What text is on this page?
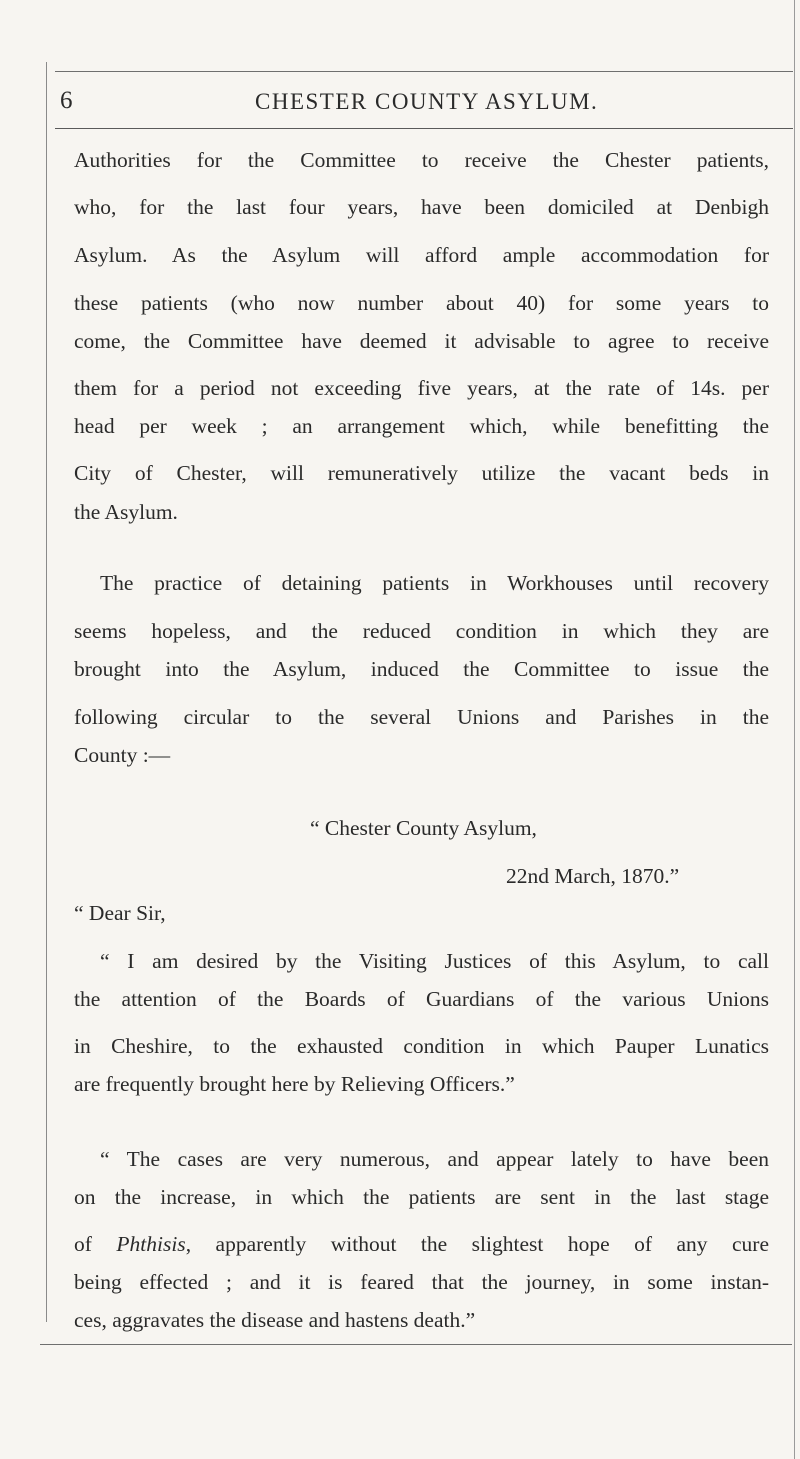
6	CHESTER COUNTY ASYLUM.
Authorities for the Committee to receive the Chester patients,
who, for the last four years, have been domiciled at Denbigh
Asylum. As the Asylum will afford ample accommodation for
these patients (who now number about 40) for some years to
come, the Committee have deemed it advisable to agree to receive
them for a period not exceeding five years, at the rate of 14s. per
head per week ; an arrangement which, while benefitting the
City of Chester, will remuneratively utilize the vacant beds in
the Asylum.
The practice of detaining patients in Workhouses until recovery
seems hopeless, and the reduced condition in which they are
brought into the Asylum, induced the Committee to issue the
following circular to the several Unions and Parishes in the
County :—
“ Chester County Asylum,
22nd March, 1870.”
“ Dear Sir,
“ I am desired by the Visiting Justices of this Asylum, to call
the attention of the Boards of Guardians of the various Unions
in Cheshire, to the exhausted condition in which Pauper Lunatics
are frequently brought here by Relieving Officers.”
“ The cases are very numerous, and appear lately to have been
on the increase, in which the patients are sent in the last stage
of Phthisis, apparently without the slightest hope of any cure
being effected ; and it is feared that the journey, in some instan-
ces, aggravates the disease and hastens death.”
